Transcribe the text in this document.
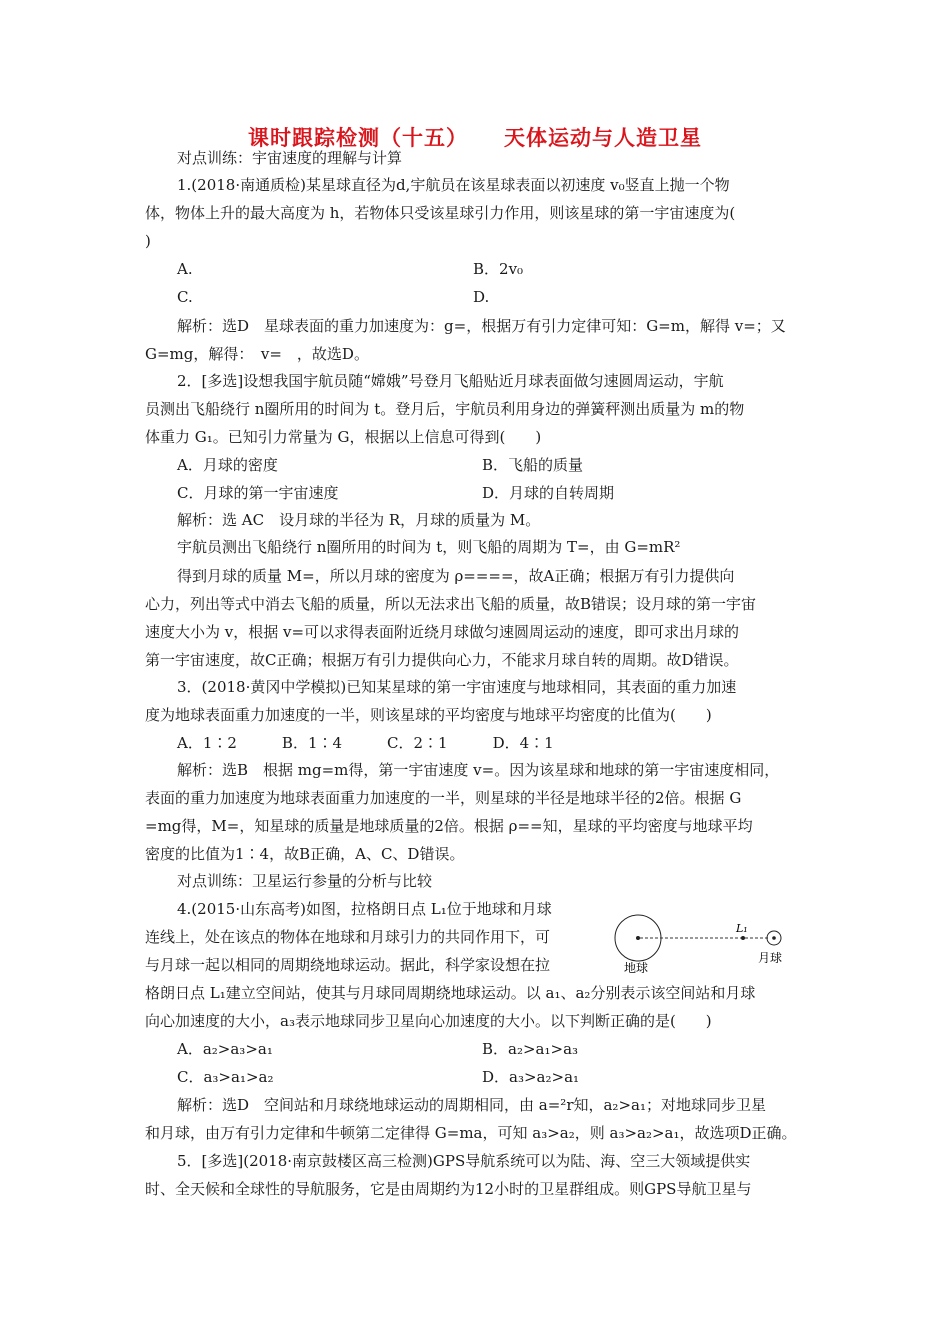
课时跟踪检测（十五） 天体运动与人造卫星
对点训练：宇宙速度的理解与计算
1.(2018·南通质检)某星球直径为d,宇航员在该星球表面以初速度 v₀竖直上抛一个物
体，物体上升的最大高度为 h，若物体只受该星球引力作用，则该星球的第一宇宙速度为(
)
A.	B．2v₀
C.	D.
解析：选D　星球表面的重力加速度为：g=，根据万有引力定律可知：G=m，解得 v=；又
G=mg，解得：　v=　，故选D。
2．[多选]设想我国宇航员随“嫦娥”号登月飞船贴近月球表面做匀速圆周运动，宇航
员测出飞船绕行 n圈所用的时间为 t。登月后，宇航员利用身边的弹簧秤测出质量为 m的物
体重力 G₁。已知引力常量为 G，根据以上信息可得到(　　)
A．月球的密度	B．飞船的质量
C．月球的第一宇宙速度	D．月球的自转周期
解析：选 AC　设月球的半径为 R，月球的质量为 M。
宇航员测出飞船绕行 n圈所用的时间为 t，则飞船的周期为 T=，由 G=mR²
得到月球的质量 M=，所以月球的密度为 ρ====，故A正确；根据万有引力提供向
心力，列出等式中消去飞船的质量，所以无法求出飞船的质量，故B错误；设月球的第一宇宙
速度大小为 v，根据 v=可以求得表面附近绕月球做匀速圆周运动的速度，即可求出月球的
第一宇宙速度，故C正确；根据万有引力提供向心力，不能求月球自转的周期。故D错误。
3．(2018·黄冈中学模拟)已知某星球的第一宇宙速度与地球相同，其表面的重力加速
度为地球表面重力加速度的一半，则该星球的平均密度与地球平均密度的比值为(　　)
A．1∶2　　　B．1∶4　　　C．2∶1　　　D．4∶1
解析：选B　根据 mg=m得，第一宇宙速度 v=。因为该星球和地球的第一宇宙速度相同，
表面的重力加速度为地球表面重力加速度的一半，则星球的半径是地球半径的2倍。根据 G
=mg得，M=，知星球的质量是地球质量的2倍。根据 ρ==知，星球的平均密度与地球平均
密度的比值为1∶4，故B正确，A、C、D错误。
对点训练：卫星运行参量的分析与比较
4.(2015·山东高考)如图，拉格朗日点 L₁位于地球和月球
连线上，处在该点的物体在地球和月球引力的共同作用下，可
与月球一起以相同的周期绕地球运动。据此，科学家设想在拉
格朗日点 L₁建立空间站，使其与月球同周期绕地球运动。以 a₁、a₂分别表示该空间站和月球
向心加速度的大小，a₃表示地球同步卫星向心加速度的大小。以下判断正确的是(　　)
L₁
地球
月球
A．a₂>a₃>a₁	B．a₂>a₁>a₃
C．a₃>a₁>a₂	D．a₃>a₂>a₁
解析：选D　空间站和月球绕地球运动的周期相同，由 a=²r知，a₂>a₁；对地球同步卫星
和月球，由万有引力定律和牛顿第二定律得 G=ma，可知 a₃>a₂，则 a₃>a₂>a₁，故选项D正确。
5．[多选](2018·南京鼓楼区高三检测)GPS导航系统可以为陆、海、空三大领域提供实
时、全天候和全球性的导航服务，它是由周期约为12小时的卫星群组成。则GPS导航卫星与
